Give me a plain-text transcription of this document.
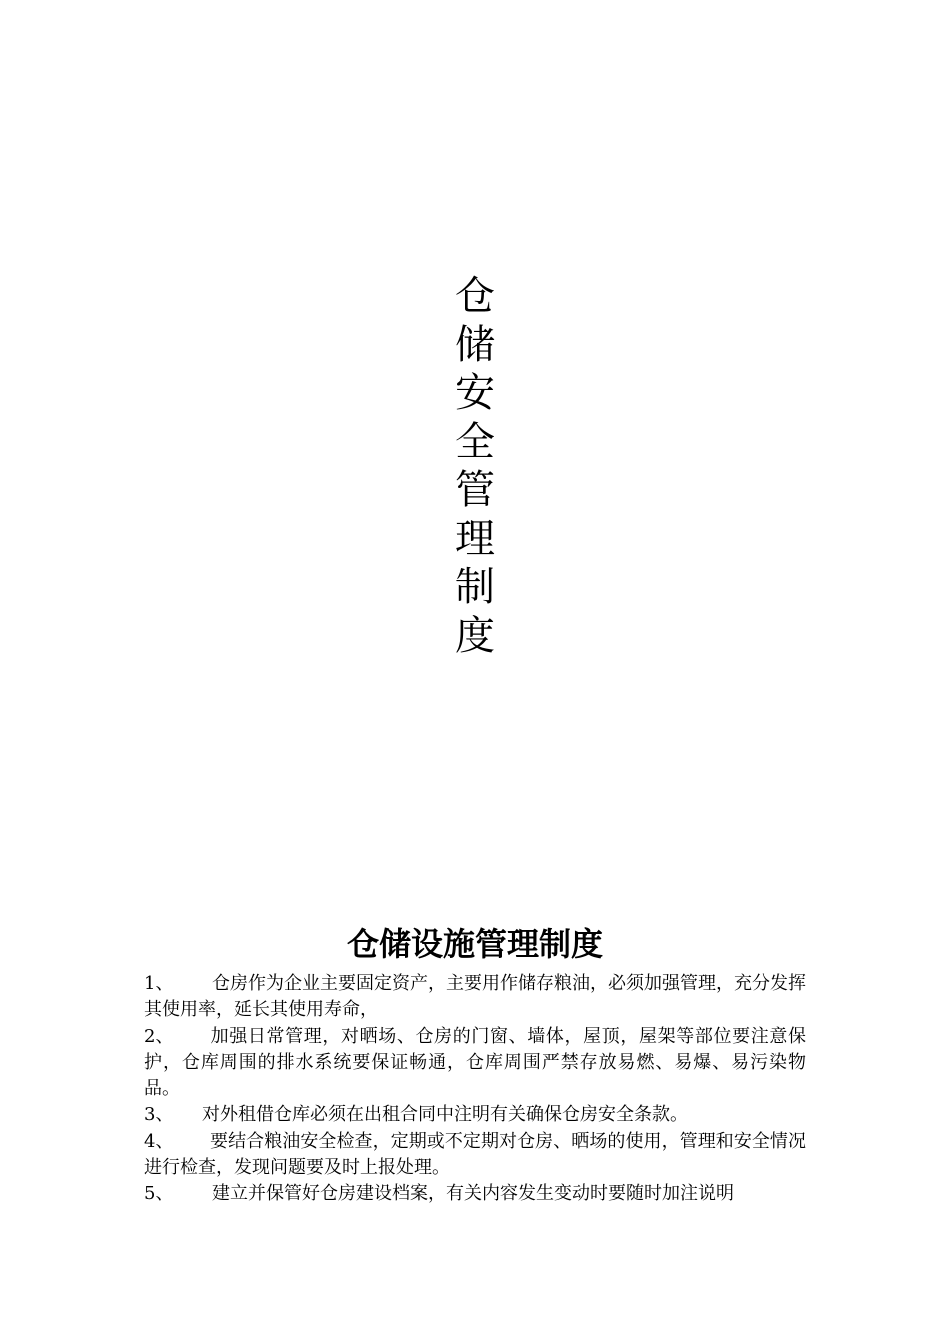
仓
储
安
全
管
理
制
度
仓储设施管理制度

1、 仓房作为企业主要固定资产，主要用作储存粮油，必须加强管理，充分发挥其使用率，延长其使用寿命，

2、 加强日常管理，对晒场、仓房的门窗、墙体，屋顶，屋架等部位要注意保护，仓库周围的排水系统要保证畅通，仓库周围严禁存放易燃、易爆、易污染物品。

3、 对外租借仓库必须在出租合同中注明有关确保仓房安全条款。

4、 要结合粮油安全检查，定期或不定期对仓房、晒场的使用，管理和安全情况进行检查，发现问题要及时上报处理。

5、 建立并保管好仓房建设档案，有关内容发生变动时要随时加注说明
